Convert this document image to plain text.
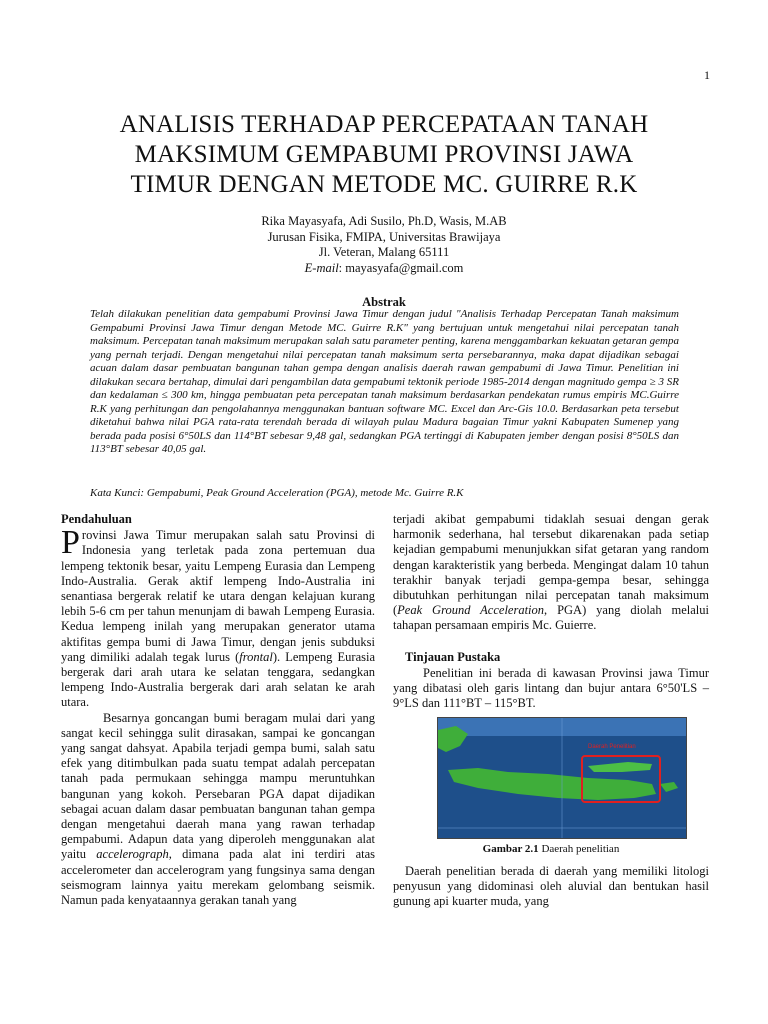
1
ANALISIS TERHADAP PERCEPATAAN TANAH
MAKSIMUM GEMPABUMI PROVINSI JAWA
TIMUR DENGAN METODE MC. GUIRRE R.K
Rika Mayasyafa, Adi Susilo, Ph.D, Wasis, M.AB
Jurusan Fisika, FMIPA, Universitas Brawijaya
Jl. Veteran, Malang 65111
E-mail: mayasyafa@gmail.com
Abstrak
Telah dilakukan penelitian data gempabumi Provinsi Jawa Timur dengan judul "Analisis Terhadap Percepatan Tanah maksimum Gempabumi Provinsi Jawa Timur dengan Metode MC. Guirre R.K" yang bertujuan untuk mengetahui nilai percepatan tanah maksimum. Percepatan tanah maksimum merupakan salah satu parameter penting, karena menggambarkan kekuatan getaran gempa yang pernah terjadi. Dengan mengetahui nilai percepatan tanah maksimum serta persebarannya, maka dapat dijadikan sebagai acuan dalam dasar pembuatan bangunan tahan gempa dengan analisis daerah rawan gempabumi di Jawa Timur. Penelitian ini dilakukan secara bertahap, dimulai dari pengambilan data gempabumi tektonik periode 1985-2014 dengan magnitudo gempa ≥ 3 SR dan kedalaman ≤ 300 km, hingga pembuatan peta percepatan tanah maksimum berdasarkan pendekatan rumus empiris MC.Guirre R.K yang perhitungan dan pengolahannya menggunakan bantuan software MC. Excel dan Arc-Gis 10.0. Berdasarkan peta tersebut diketahui bahwa nilai PGA rata-rata terendah berada di wilayah pulau Madura bagaian Timur yakni Kabupaten Sumenep yang berada pada posisi 6°50LS dan 114°BT sebesar 9,48 gal, sedangkan PGA tertinggi di Kabupaten jember dengan posisi 8°50LS dan 113°BT sebesar 40,05 gal.
Kata Kunci: Gempabumi, Peak Ground Acceleration (PGA), metode Mc. Guirre R.K
Pendahuluan

Provinsi Jawa Timur merupakan salah satu Provinsi di Indonesia yang terletak pada zona pertemuan dua lempeng tektonik besar, yaitu Lempeng Eurasia dan Lempeng Indo-Australia. Gerak aktif lempeng Indo-Australia ini senantiasa bergerak relatif ke utara dengan kelajuan kurang lebih 5-6 cm per tahun menunjam di bawah Lempeng Eurasia. Kedua lempeng inilah yang merupakan generator utama aktifitas gempa bumi di Jawa Timur, dengan jenis subduksi yang dimiliki adalah tegak lurus (frontal). Lempeng Eurasia bergerak dari arah utara ke selatan tenggara, sedangkan lempeng Indo-Australia bergerak dari arah selatan ke arah utara.

Besarnya goncangan bumi beragam mulai dari yang sangat kecil sehingga sulit dirasakan, sampai ke goncangan yang sangat dahsyat. Apabila terjadi gempa bumi, salah satu efek yang ditimbulkan pada suatu tempat adalah percepatan tanah pada permukaan sehingga mampu meruntuhkan bangunan yang kokoh. Persebaran PGA dapat dijadikan sebagai acuan dalam dasar pembuatan bangunan tahan gempa dengan mengetahui daerah mana yang rawan terhadap gempabumi. Adapun data yang diperoleh menggunakan alat yaitu accelerograph, dimana pada alat ini terdiri atas accelerometer dan accelerogram yang fungsinya sama dengan seismogram lainnya yaitu merekam gelombang seismik. Namun pada kenyataannya gerakan tanah yang

terjadi akibat gempabumi tidaklah sesuai dengan gerak harmonik sederhana, hal tersebut dikarenakan pada setiap kejadian gempabumi menunjukkan sifat getaran yang random dengan karakteristik yang berbeda. Mengingat dalam 10 tahun terakhir banyak terjadi gempa-gempa besar, sehingga dibutuhkan perhitungan nilai percepatan tanah maksimum (Peak Ground Acceleration, PGA) yang diolah melalui tahapan persamaan empiris Mc. Guierre.

Tinjauan Pustaka

Penelitian ini berada di kawasan Provinsi jawa Timur yang dibatasi oleh garis lintang dan bujur antara 6°50'LS – 9°LS dan 111°BT – 115°BT.

Daerah Penelitian
Gambar 2.1 Daerah penelitian

Daerah penelitian berada di daerah yang memiliki litologi penyusun yang didominasi oleh aluvial dan bentukan hasil gunung api kuarter muda, yang
